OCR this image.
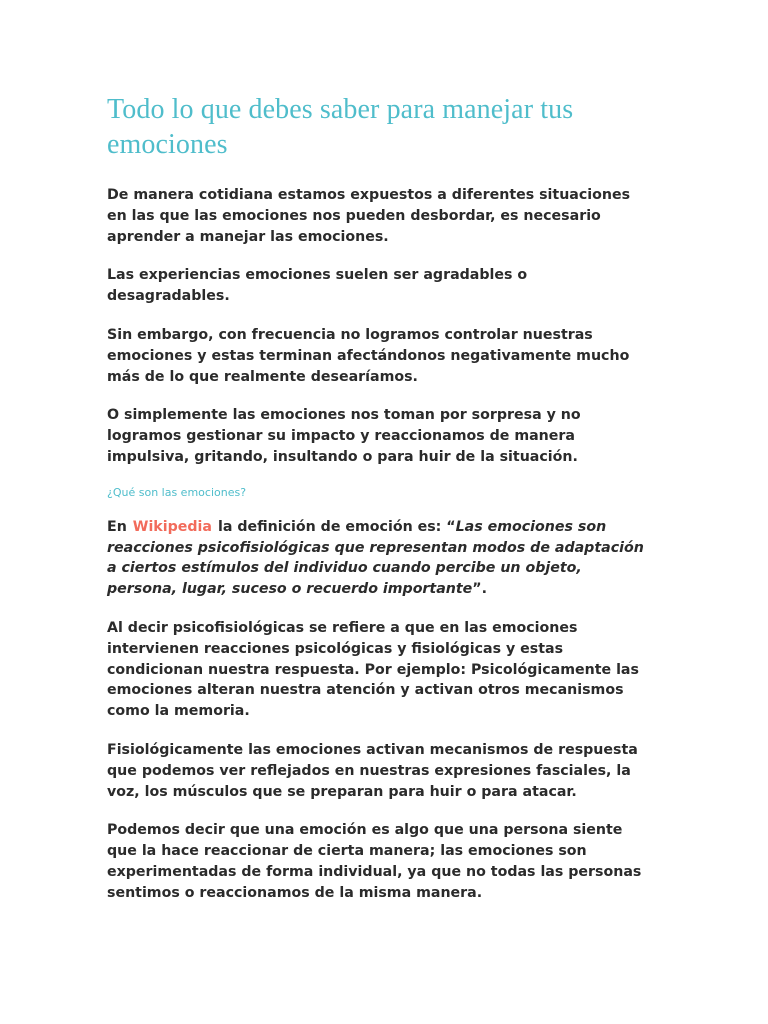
Todo lo que debes saber para manejar tus emociones

De manera cotidiana estamos expuestos a diferentes situaciones en las que las emociones nos pueden desbordar, es necesario aprender a manejar las emociones.

Las experiencias emociones suelen ser agradables o desagradables.

Sin embargo, con frecuencia no logramos controlar nuestras emociones y estas terminan afectándonos negativamente mucho más de lo que realmente desearíamos.

O simplemente las emociones nos toman por sorpresa y no logramos gestionar su impacto y reaccionamos de manera impulsiva, gritando, insultando o para huir de la situación.

¿Qué son las emociones?

En Wikipedia la definición de emoción es: “Las emociones son reacciones psicofisiológicas que representan modos de adaptación a ciertos estímulos del individuo cuando percibe un objeto, persona, lugar, suceso o recuerdo importante”.

Al decir psicofisiológicas se refiere a que en las emociones intervienen reacciones psicológicas y fisiológicas y estas condicionan nuestra respuesta. Por ejemplo: Psicológicamente las emociones alteran nuestra atención y activan otros mecanismos como la memoria.

Fisiológicamente las emociones activan mecanismos de respuesta que podemos ver reflejados en nuestras expresiones fasciales, la voz, los músculos que se preparan para huir o para atacar.

Podemos decir que una emoción es algo que una persona siente que la hace reaccionar de cierta manera; las emociones son experimentadas de forma individual, ya que no todas las personas sentimos o reaccionamos de la misma manera.
